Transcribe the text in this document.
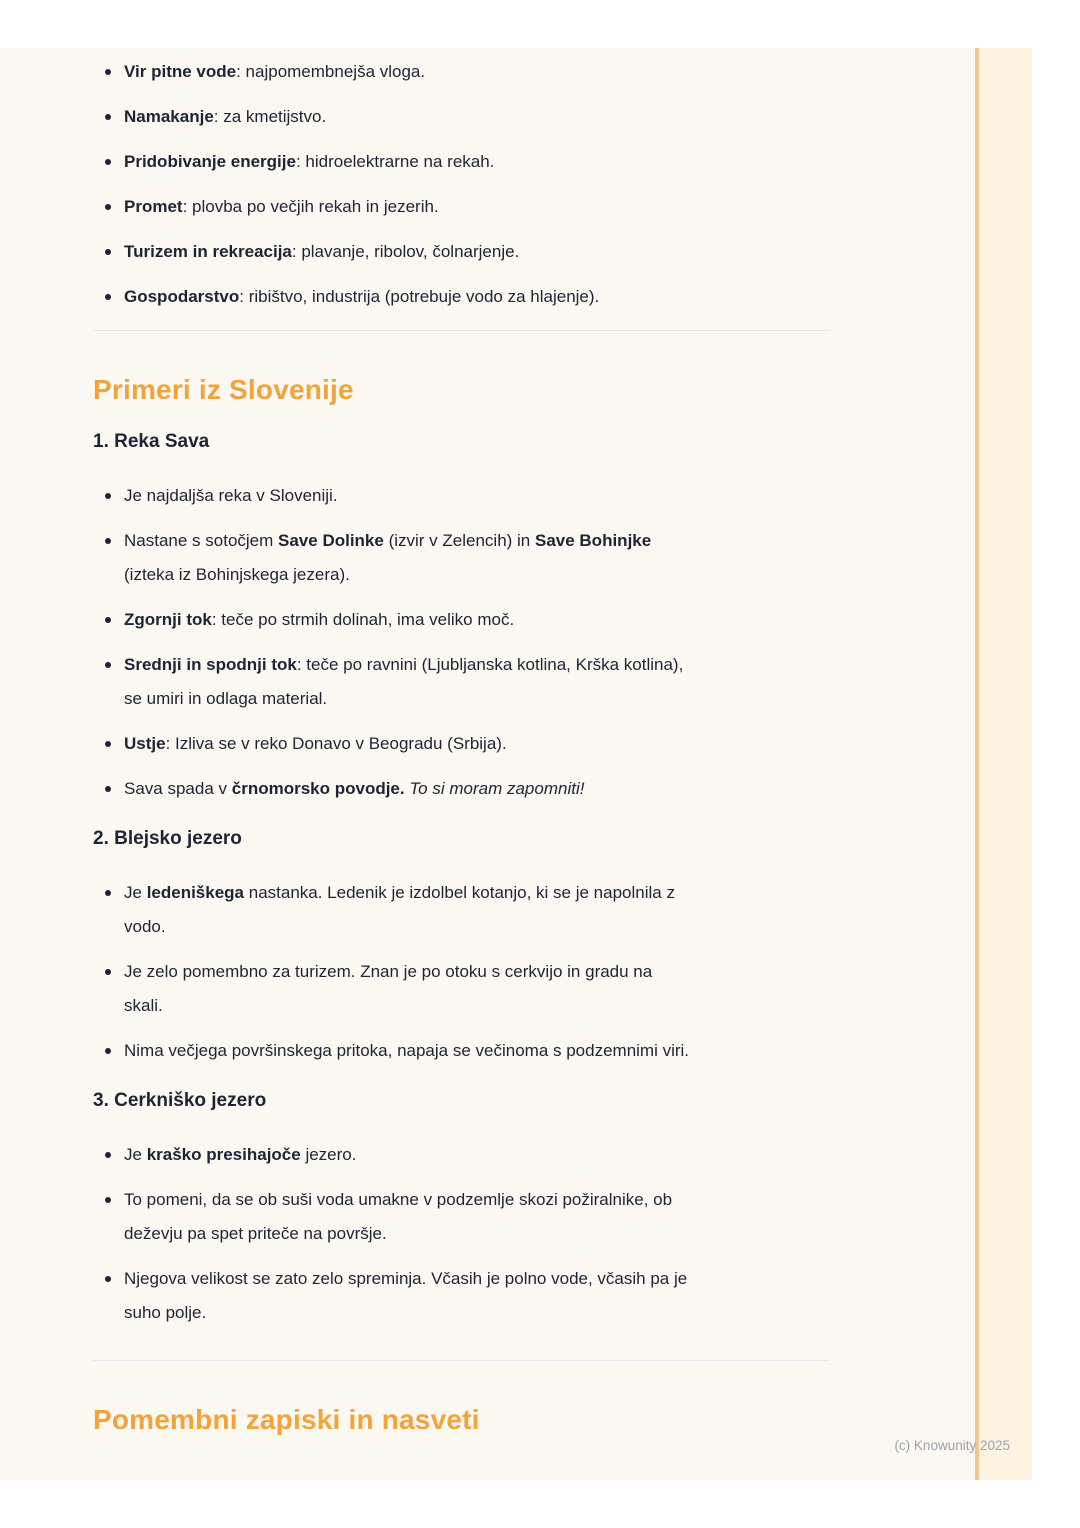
Vir pitne vode: najpomembnejša vloga.
Namakanje: za kmetijstvo.
Pridobivanje energije: hidroelektrarne na rekah.
Promet: plovba po večjih rekah in jezerih.
Turizem in rekreacija: plavanje, ribolov, čolnarjenje.
Gospodarstvo: ribištvo, industrija (potrebuje vodo za hlajenje).
Primeri iz Slovenije
1. Reka Sava
Je najdaljša reka v Sloveniji.
Nastane s sotočjem Save Dolinke (izvir v Zelencih) in Save Bohinjke
(izteka iz Bohinjskega jezera).
Zgornji tok: teče po strmih dolinah, ima veliko moč.
Srednji in spodnji tok: teče po ravnini (Ljubljanska kotlina, Krška kotlina),
se umiri in odlaga material.
Ustje: Izliva se v reko Donavo v Beogradu (Srbija).
Sava spada v črnomorsko povodje. To si moram zapomniti!
2. Blejsko jezero
Je ledeniškega nastanka. Ledenik je izdolbel kotanjo, ki se je napolnila z
vodo.
Je zelo pomembno za turizem. Znan je po otoku s cerkvijo in gradu na
skali.
Nima večjega površinskega pritoka, napaja se večinoma s podzemnimi viri.
3. Cerkniško jezero
Je kraško presihajoče jezero.
To pomeni, da se ob suši voda umakne v podzemlje skozi požiralnike, ob
deževju pa spet priteče na površje.
Njegova velikost se zato zelo spreminja. Včasih je polno vode, včasih pa je
suho polje.
Pomembni zapiski in nasveti
(c) Knowunity 2025
